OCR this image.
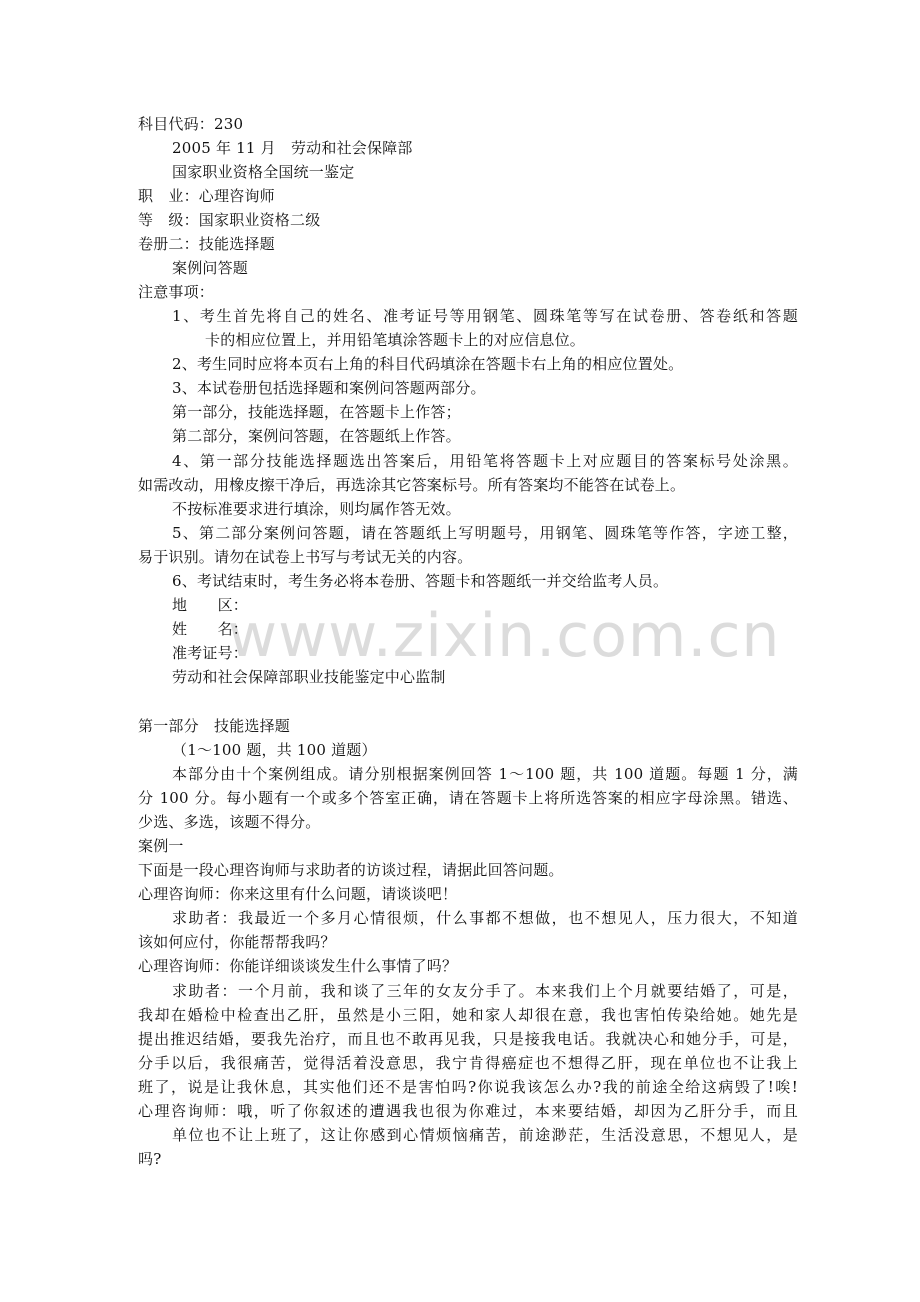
www.zixin.com.cn
科目代码：230
2005 年 11 月　劳动和社会保障部
国家职业资格全国统一鉴定
职　业：心理咨询师
等　级：国家职业资格二级
卷册二：技能选择题
案例问答题
注意事项：
1、考生首先将自己的姓名、准考证号等用钢笔、圆珠笔等写在试卷册、答卷纸和答题
卡的相应位置上，并用铅笔填涂答题卡上的对应信息位。
2、考生同时应将本页右上角的科目代码填涂在答题卡右上角的相应位置处。
3、本试卷册包括选择题和案例问答题两部分。
第一部分，技能选择题，在答题卡上作答；
第二部分，案例问答题，在答题纸上作答。
4、第一部分技能选择题选出答案后，用铅笔将答题卡上对应题目的答案标号处涂黑。
如需改动，用橡皮擦干净后，再选涂其它答案标号。所有答案均不能答在试卷上。
不按标准要求进行填涂，则均属作答无效。
5、第二部分案例问答题，请在答题纸上写明题号，用钢笔、圆珠笔等作答，字迹工整，
易于识别。请勿在试卷上书写与考试无关的内容。
6、考试结束时，考生务必将本卷册、答题卡和答题纸一并交给监考人员。
地　　区：
姓　　名：
准考证号：
劳动和社会保障部职业技能鉴定中心监制
第一部分　技能选择题
（1～100 题，共 100 道题）
本部分由十个案例组成。请分别根据案例回答 1～100 题，共 100 道题。每题 1 分，满
分 100 分。每小题有一个或多个答室正确，请在答题卡上将所选答案的相应字母涂黑。错选、
少选、多选，该题不得分。
案例一
下面是一段心理咨询师与求助者的访谈过程，请据此回答问题。
心理咨询师：你来这里有什么问题，请谈谈吧！
求助者：我最近一个多月心情很烦，什么事都不想做，也不想见人，压力很大，不知道
该如何应付，你能帮帮我吗？
心理咨询师：你能详细谈谈发生什么事情了吗？
求助者：一个月前，我和谈了三年的女友分手了。本来我们上个月就要结婚了，可是，
我却在婚检中检查出乙肝，虽然是小三阳，她和家人却很在意，我也害怕传染给她。她先是
提出推迟结婚，要我先治疗，而且也不敢再见我，只是接我电话。我就决心和她分手，可是，
分手以后，我很痛苦，觉得活着没意思，我宁肯得癌症也不想得乙肝，现在单位也不让我上
班了，说是让我休息，其实他们还不是害怕吗?你说我该怎么办?我的前途全给这病毁了!唉!
心理咨询师：哦，听了你叙述的遭遇我也很为你难过，本来要结婚，却因为乙肝分手，而且
单位也不让上班了，这让你感到心情烦恼痛苦，前途渺茫，生活没意思，不想见人，是
吗?
